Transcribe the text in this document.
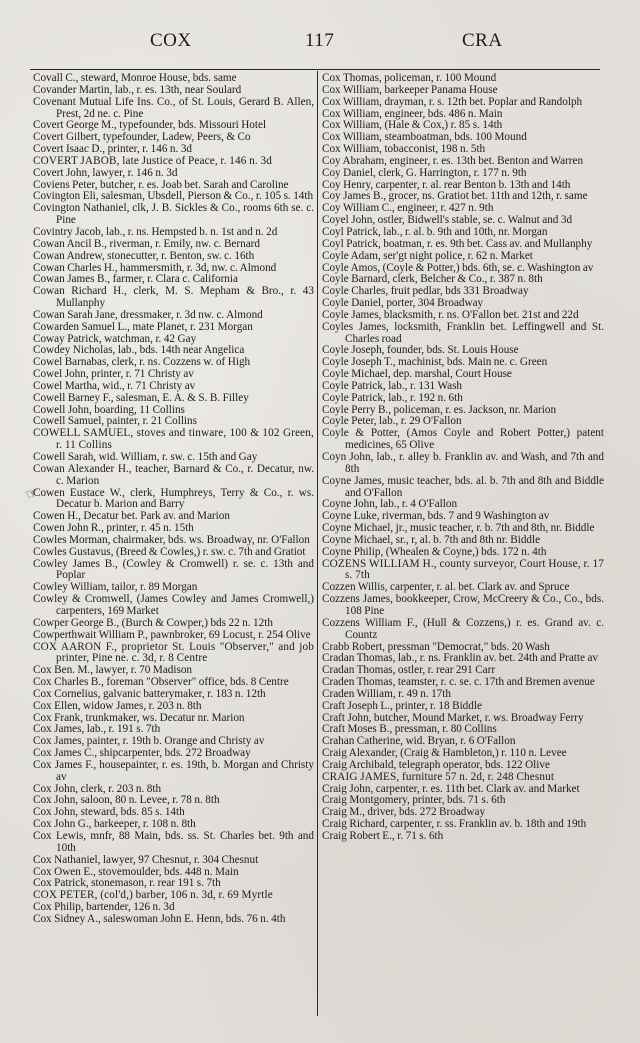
COX	117	CRA
☞
Covall C., steward, Monroe House, bds. same
Covander Martin, lab., r. es. 13th, near Soulard
Covenant Mutual Life Ins. Co., of St. Louis, Gerard B. Allen, Prest, 2d ne. c. Pine
Covert George M., typefounder, bds. Missouri Hotel
Covert Gilbert, typefounder, Ladew, Peers, & Co
Covert Isaac D., printer, r. 146 n. 3d
COVERT JABOB, late Justice of Peace, r. 146 n. 3d
Covert John, lawyer, r. 146 n. 3d
Coviens Peter, butcher, r. es. Joab bet. Sarah and Caroline
Covington Eli, salesman, Ubsdell, Pierson & Co., r. 105 s. 14th
Covington Nathaniel, clk, J. B. Sickles & Co., rooms 6th se. c. Pine
Covintry Jacob, lab., r. ns. Hempsted b. n. 1st and n. 2d
Cowan Ancil B., riverman, r. Emily, nw. c. Bernard
Cowan Andrew, stonecutter, r. Benton, sw. c. 16th
Cowan Charles H., hammersmith, r. 3d, nw. c. Almond
Cowan James B., farmer, r. Clara c. California
Cowan Richard H., clerk, M. S. Mepham & Bro., r. 43 Mullanphy
Cowan Sarah Jane, dressmaker, r. 3d nw. c. Almond
Cowarden Samuel L., mate Planet, r. 231 Morgan
Coway Patrick, watchman, r. 42 Gay
Cowdey Nicholas, lab., bds. 14th near Angelica
Cowel Barnabas, clerk, r. ns. Cozzens w. of High
Cowel John, printer, r. 71 Christy av
Cowel Martha, wid., r. 71 Christy av
Cowell Barney F., salesman, E. A. & S. B. Filley
Cowell John, boarding, 11 Collins
Cowell Samuel, painter, r. 21 Collins
COWELL SAMUEL, stoves and tinware, 100 & 102 Green, r. 11 Collins
Cowell Sarah, wid. William, r. sw. c. 15th and Gay
Cowan Alexander H., teacher, Barnard & Co., r. Decatur, nw. c. Marion
Cowen Eustace W., clerk, Humphreys, Terry & Co., r. ws. Decatur b. Marion and Barry
Cowen H., Decatur bet. Park av. and Marion
Cowen John R., printer, r. 45 n. 15th
Cowles Morman, chairmaker, bds. ws. Broadway, nr. O'Fallon
Cowles Gustavus, (Breed & Cowles,) r. sw. c. 7th and Gratiot
Cowley James B., (Cowley & Cromwell) r. se. c. 13th and Poplar
Cowley William, tailor, r. 89 Morgan
Cowley & Cromwell, (James Cowley and James Cromwell,) carpenters, 169 Market
Cowper George B., (Burch & Cowper,) bds 22 n. 12th
Cowperthwait William P., pawnbroker, 69 Locust, r. 254 Olive
COX AARON F., proprietor St. Louis "Observer," and job printer, Pine ne. c. 3d, r. 8 Centre
Cox Ben. M., lawyer, r. 70 Madison
Cox Charles B., foreman "Observer" office, bds. 8 Centre
Cox Cornelius, galvanic batterymaker, r. 183 n. 12th
Cox Ellen, widow James, r. 203 n. 8th
Cox Frank, trunkmaker, ws. Decatur nr. Marion
Cox James, lab., r. 191 s. 7th
Cox James, painter, r. 19th b. Orange and Christy av
Cox James C., shipcarpenter, bds. 272 Broadway
Cox James F., housepainter, r. es. 19th, b. Morgan and Christy av
Cox John, clerk, r. 203 n. 8th
Cox John, saloon, 80 n. Levee, r. 78 n. 8th
Cox John, steward, bds. 85 s. 14th
Cox John G., barkeeper, r. 108 n. 8th
Cox Lewis, mnfr, 88 Main, bds. ss. St. Charles bet. 9th and 10th
Cox Nathaniel, lawyer, 97 Chesnut, r. 304 Chesnut
Cox Owen E., stovemoulder, bds. 448 n. Main
Cox Patrick, stonemason, r. rear 191 s. 7th
COX PETER, (col'd,) barber, 106 n. 3d, r. 69 Myrtle
Cox Philip, bartender, 126 n. 3d
Cox Sidney A., saleswoman John E. Henn, bds. 76 n. 4th
Cox Thomas, policeman, r. 100 Mound
Cox William, barkeeper Panama House
Cox William, drayman, r. s. 12th bet. Poplar and Randolph
Cox William, engineer, bds. 486 n. Main
Cox William, (Hale & Cox,) r. 85 s. 14th
Cox William, steamboatman, bds. 100 Mound
Cox William, tobacconist, 198 n. 5th
Coy Abraham, engineer, r. es. 13th bet. Benton and Warren
Coy Daniel, clerk, G. Harrington, r. 177 n. 9th
Coy Henry, carpenter, r. al. rear Benton b. 13th and 14th
Coy James B., grocer, ns. Gratiot bet. 11th and 12th, r. same
Coy William C., engineer, r. 427 n. 9th
Coyel John, ostler, Bidwell's stable, se. c. Walnut and 3d
Coyl Patrick, lab., r. al. b. 9th and 10th, nr. Morgan
Coyl Patrick, boatman, r. es. 9th bet. Cass av. and Mullanphy
Coyle Adam, ser'gt night police, r. 62 n. Market
Coyle Amos, (Coyle & Potter,) bds. 6th, se. c. Washington av
Coyle Barnard, clerk, Belcher & Co., r. 387 n. 8th
Coyle Charles, fruit pedlar, bds 331 Broadway
Coyle Daniel, porter, 304 Broadway
Coyle James, blacksmith, r. ns. O'Fallon bet. 21st and 22d
Coyles James, locksmith, Franklin bet. Leffingwell and St. Charles road
Coyle Joseph, founder, bds. St. Louis House
Coyle Joseph T., machinist, bds. Main ne. c. Green
Coyle Michael, dep. marshal, Court House
Coyle Patrick, lab., r. 131 Wash
Coyle Patrick, lab., r. 192 n. 6th
Coyle Perry B., policeman, r. es. Jackson, nr. Marion
Coyle Peter, lab., r. 29 O'Fallon
Coyle & Potter, (Amos Coyle and Robert Potter,) patent medicines, 65 Olive
Coyn John, lab., r. alley b. Franklin av. and Wash, and 7th and 8th
Coyne James, music teacher, bds. al. b. 7th and 8th and Biddle and O'Fallon
Coyne John, lab., r. 4 O'Fallon
Coyne Luke, riverman, bds. 7 and 9 Washington av
Coyne Michael, jr., music teacher, r. b. 7th and 8th, nr. Biddle
Coyne Michael, sr., r, al. b. 7th and 8th nr. Biddle
Coyne Philip, (Whealen & Coyne,) bds. 172 n. 4th
COZENS WILLIAM H., county surveyor, Court House, r. 17 s. 7th
Cozzen Willis, carpenter, r. al. bet. Clark av. and Spruce
Cozzens James, bookkeeper, Crow, McCreery & Co., Co., bds. 108 Pine
Cozzens William F., (Hull & Cozzens,) r. es. Grand av. c. Countz
Crabb Robert, pressman "Democrat," bds. 20 Wash
Cradan Thomas, lab., r. ns. Franklin av. bet. 24th and Pratte av
Cradan Thomas, ostler, r. rear 291 Carr
Craden Thomas, teamster, r. c. se. c. 17th and Bremen avenue
Craden William, r. 49 n. 17th
Craft Joseph L., printer, r. 18 Biddle
Craft John, butcher, Mound Market, r. ws. Broadway Ferry
Craft Moses B., pressman, r. 80 Collins
Crahan Catherine, wid. Bryan, r. 6 O'Fallon
Craig Alexander, (Craig & Hambleton,) r. 110 n. Levee
Craig Archibald, telegraph operator, bds. 122 Olive
CRAIG JAMES, furniture 57 n. 2d, r. 248 Chesnut
Craig John, carpenter, r. es. 11th bet. Clark av. and Market
Craig Montgomery, printer, bds. 71 s. 6th
Craig M., driver, bds. 272 Broadway
Craig Richard, carpenter, r. ss. Franklin av. b. 18th and 19th
Craig Robert E., r. 71 s. 6th
